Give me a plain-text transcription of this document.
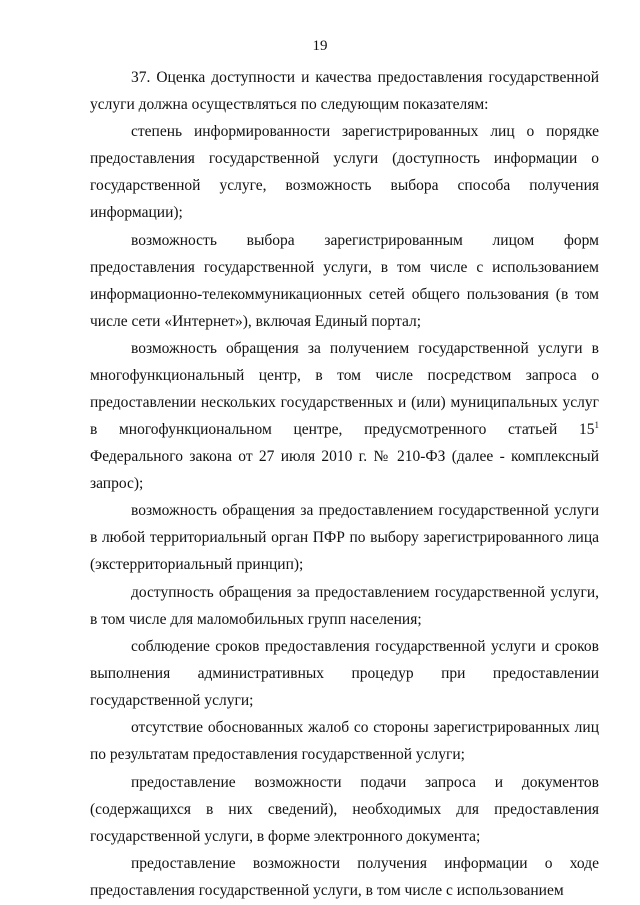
19

37. Оценка доступности и качества предоставления государственной услуги должна осуществляться по следующим показателям:

степень информированности зарегистрированных лиц о порядке предоставления государственной услуги (доступность информации о государственной услуге, возможность выбора способа получения информации);

возможность выбора зарегистрированным лицом форм предоставления государственной услуги, в том числе с использованием информационно-телекоммуникационных сетей общего пользования (в том числе сети «Интернет»), включая Единый портал;

возможность обращения за получением государственной услуги в многофункциональный центр, в том числе посредством запроса о предоставлении нескольких государственных и (или) муниципальных услуг в многофункциональном центре, предусмотренного статьей $15^1$ Федерального закона от 27 июля 2010 г. № 210-ФЗ (далее - комплексный запрос);

возможность обращения за предоставлением государственной услуги в любой территориальный орган ПФР по выбору зарегистрированного лица (экстерриториальный принцип);

доступность обращения за предоставлением государственной услуги, в том числе для маломобильных групп населения;

соблюдение сроков предоставления государственной услуги и сроков выполнения административных процедур при предоставлении государственной услуги;

отсутствие обоснованных жалоб со стороны зарегистрированных лиц по результатам предоставления государственной услуги;

предоставление возможности подачи запроса и документов (содержащихся в них сведений), необходимых для предоставления государственной услуги, в форме электронного документа;

предоставление возможности получения информации о ходе предоставления государственной услуги, в том числе с использованием
